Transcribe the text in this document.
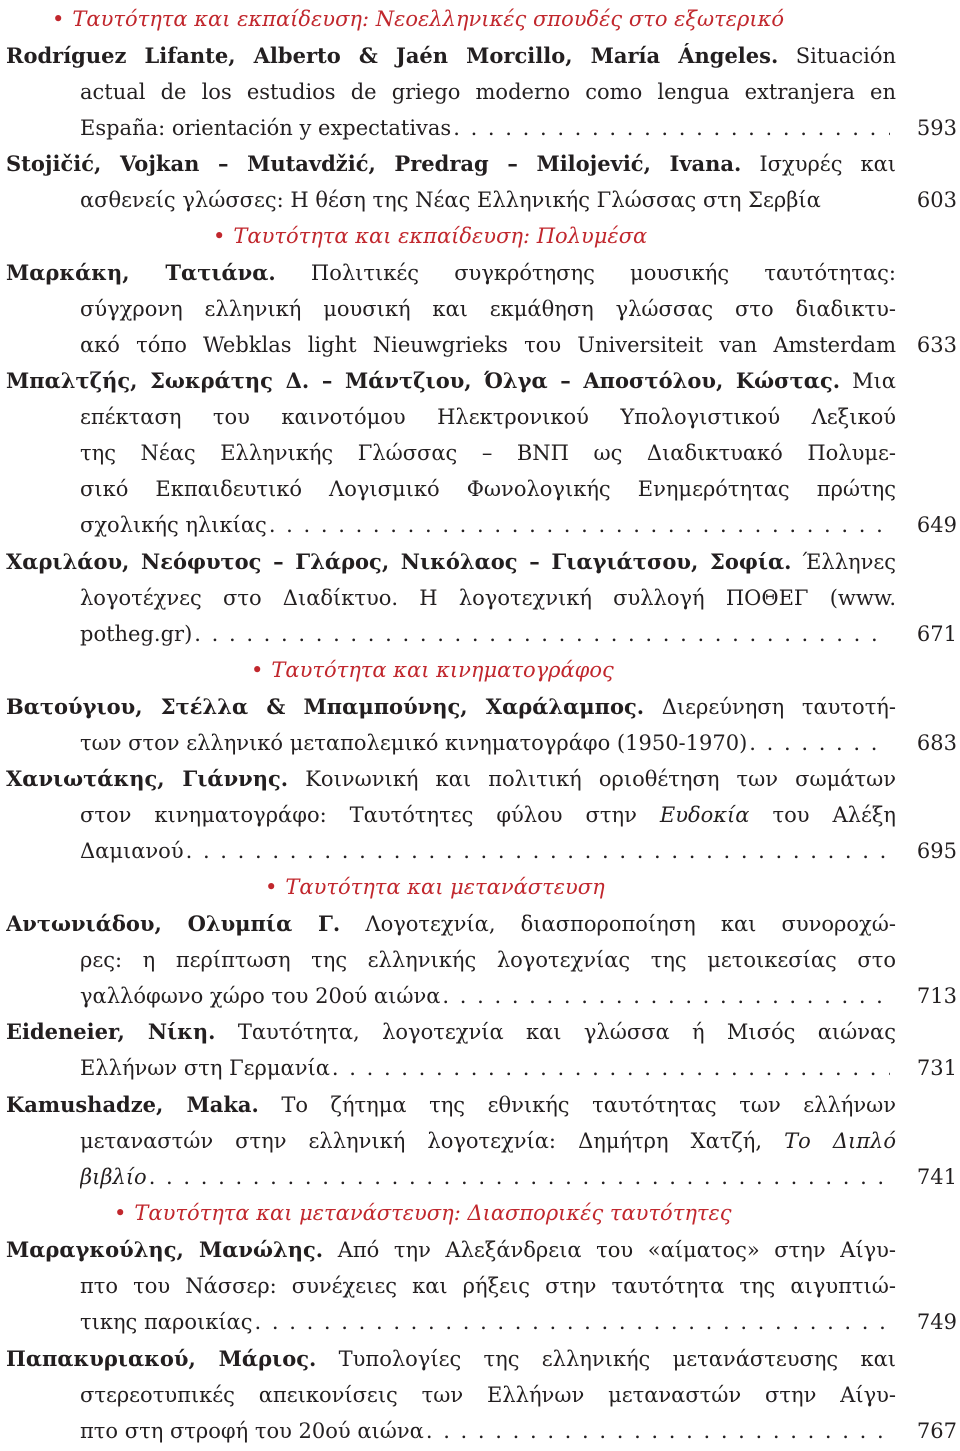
• Ταυτότητα και εκπαίδευση: Νεοελληνικές σπουδές στο εξωτερικό
Rodríguez Lifante, Alberto & Jaén Morcillo, María Ángeles. Situación
actual de los estudios de griego moderno como lengua extranjera en
España: orientación y expectativas . . .	593
Stojičić, Vojkan – Mutavdžić, Predrag – Milojević, Ivana. Ισχυρές και
ασθενείς γλώσσες: Η θέση της Νέας Ελληνικής Γλώσσας στη Σερβία	603
• Ταυτότητα και εκπαίδευση: Πολυμέσα
Μαρκάκη, Τατιάνα. Πολιτικές συγκρότησης μουσικής ταυτότητας:
σύγχρονη ελληνική μουσική και εκμάθηση γλώσσας στο διαδικτυ-
ακό τόπο Webklas light Nieuwgrieks του Universiteit van Amsterdam 633
Μπαλτζής, Σωκράτης Δ. – Μάντζιου, Όλγα – Αποστόλου, Κώστας. Μια
επέκταση του καινοτόμου Ηλεκτρονικού Υπολογιστικού Λεξικού
της Νέας Ελληνικής Γλώσσας – ΒΝΠ ως Διαδικτυακό Πολυμε-
σικό Εκπαιδευτικό Λογισμικό Φωνολογικής Ενημερότητας πρώτης
σχολικής ηλικίας . . .	649
Χαριλάου, Νεόφυτος – Γλάρος, Νικόλαος – Γιαγιάτσου, Σοφία. Έλληνες
λογοτέχνες στο Διαδίκτυο. Η λογοτεχνική συλλογή ΠΟΘΕΓ (www.
potheg.gr) . . .	671
• Ταυτότητα και κινηματογράφος
Βατούγιου, Στέλλα & Μπαμπούνης, Χαράλαμπος. Διερεύνηση ταυτοτή-
των στον ελληνικό μεταπολεμικό κινηματογράφο (1950-1970) . . .	683
Χανιωτάκης, Γιάννης. Κοινωνική και πολιτική οριοθέτηση των σωμάτων
στον κινηματογράφο: Ταυτότητες φύλου στην Ευδοκία του Αλέξη
Δαμιανού . . .	695
• Ταυτότητα και μετανάστευση
Αντωνιάδου, Ολυμπία Γ. Λογοτεχνία, διασπορoποίηση και συνοροχώ-
ρες: η περίπτωση της ελληνικής λογοτεχνίας της μετοικεσίας στο
γαλλόφωνο χώρο του 20ού αιώνα . . .	713
Eideneier, Νίκη. Ταυτότητα, λογοτεχνία και γλώσσα ή Μισός αιώνας
Ελλήνων στη Γερμανία . . .	731
Kamushadze, Maka. Το ζήτημα της εθνικής ταυτότητας των ελλήνων
μεταναστών στην ελληνική λογοτεχνία: Δημήτρη Χατζή, Το Διπλό
βιβλίο . . .	741
• Ταυτότητα και μετανάστευση: Διασπορικές ταυτότητες
Μαραγκούλης, Μανώλης. Από την Αλεξάνδρεια του «αίματος» στην Αίγυ-
πτο του Νάσσερ: συνέχειες και ρήξεις στην ταυτότητα της αιγυπτιώ-
τικης παροικίας . . .	749
Παπακυριακού, Μάριος. Τυπολογίες της ελληνικής μετανάστευσης και
στερεοτυπικές απεικονίσεις των Ελλήνων μεταναστών στην Αίγυ-
πτο στη στροφή του 20ού αιώνα . . .	767
